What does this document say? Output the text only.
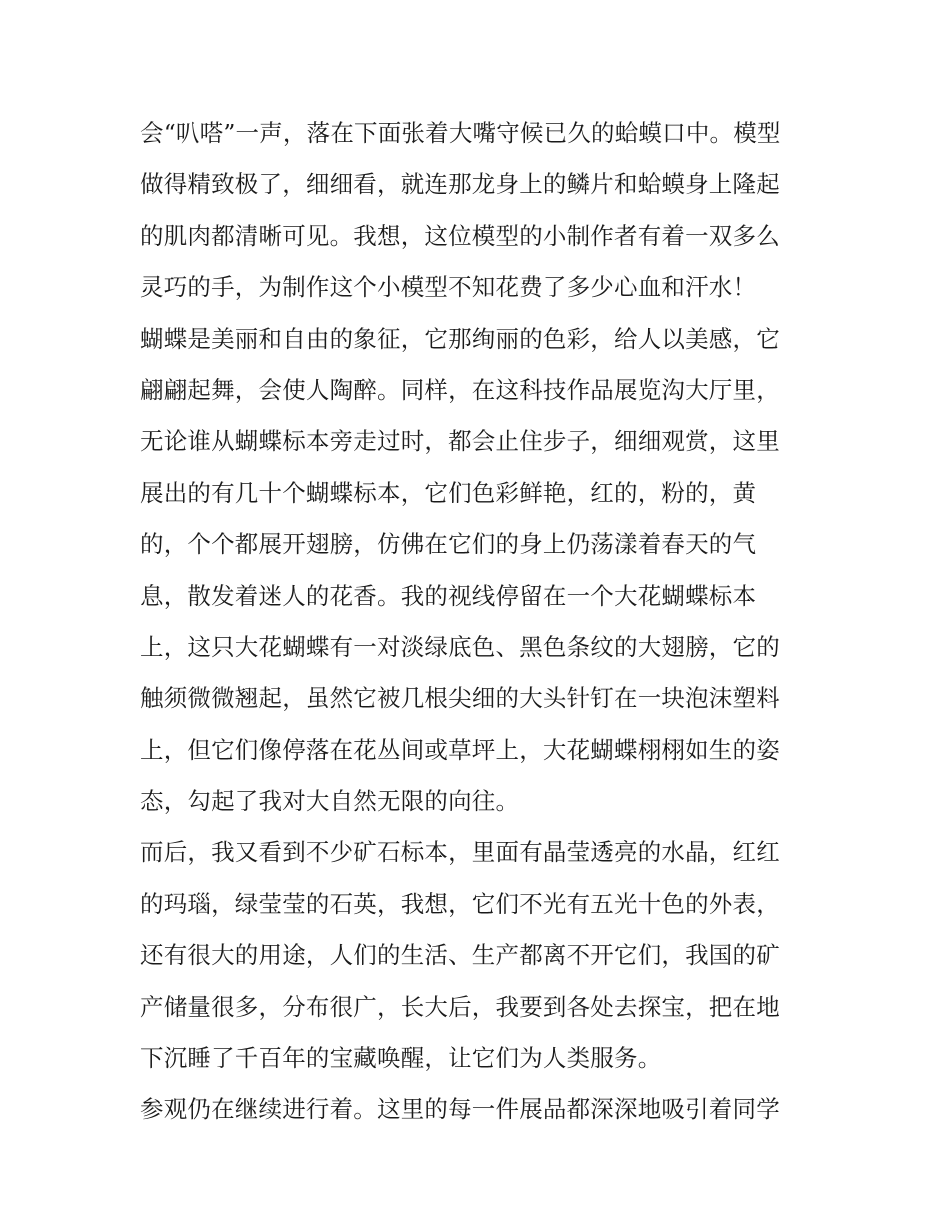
会“叭嗒”一声，落在下面张着大嘴守候已久的蛤蟆口中。模型
做得精致极了，细细看，就连那龙身上的鳞片和蛤蟆身上隆起
的肌肉都清晰可见。我想，这位模型的小制作者有着一双多么
灵巧的手，为制作这个小模型不知花费了多少心血和汗水！
蝴蝶是美丽和自由的象征，它那绚丽的色彩，给人以美感，它
翩翩起舞，会使人陶醉。同样，在这科技作品展览沟大厅里，
无论谁从蝴蝶标本旁走过时，都会止住步子，细细观赏，这里
展出的有几十个蝴蝶标本，它们色彩鲜艳，红的，粉的，黄
的，个个都展开翅膀，仿佛在它们的身上仍荡漾着春天的气
息，散发着迷人的花香。我的视线停留在一个大花蝴蝶标本
上，这只大花蝴蝶有一对淡绿底色、黑色条纹的大翅膀，它的
触须微微翘起，虽然它被几根尖细的大头针钉在一块泡沫塑料
上，但它们像停落在花丛间或草坪上，大花蝴蝶栩栩如生的姿
态，勾起了我对大自然无限的向往。
而后，我又看到不少矿石标本，里面有晶莹透亮的水晶，红红
的玛瑙，绿莹莹的石英，我想，它们不光有五光十色的外表，
还有很大的用途，人们的生活、生产都离不开它们，我国的矿
产储量很多，分布很广，长大后，我要到各处去探宝，把在地
下沉睡了千百年的宝藏唤醒，让它们为人类服务。
参观仍在继续进行着。这里的每一件展品都深深地吸引着同学
